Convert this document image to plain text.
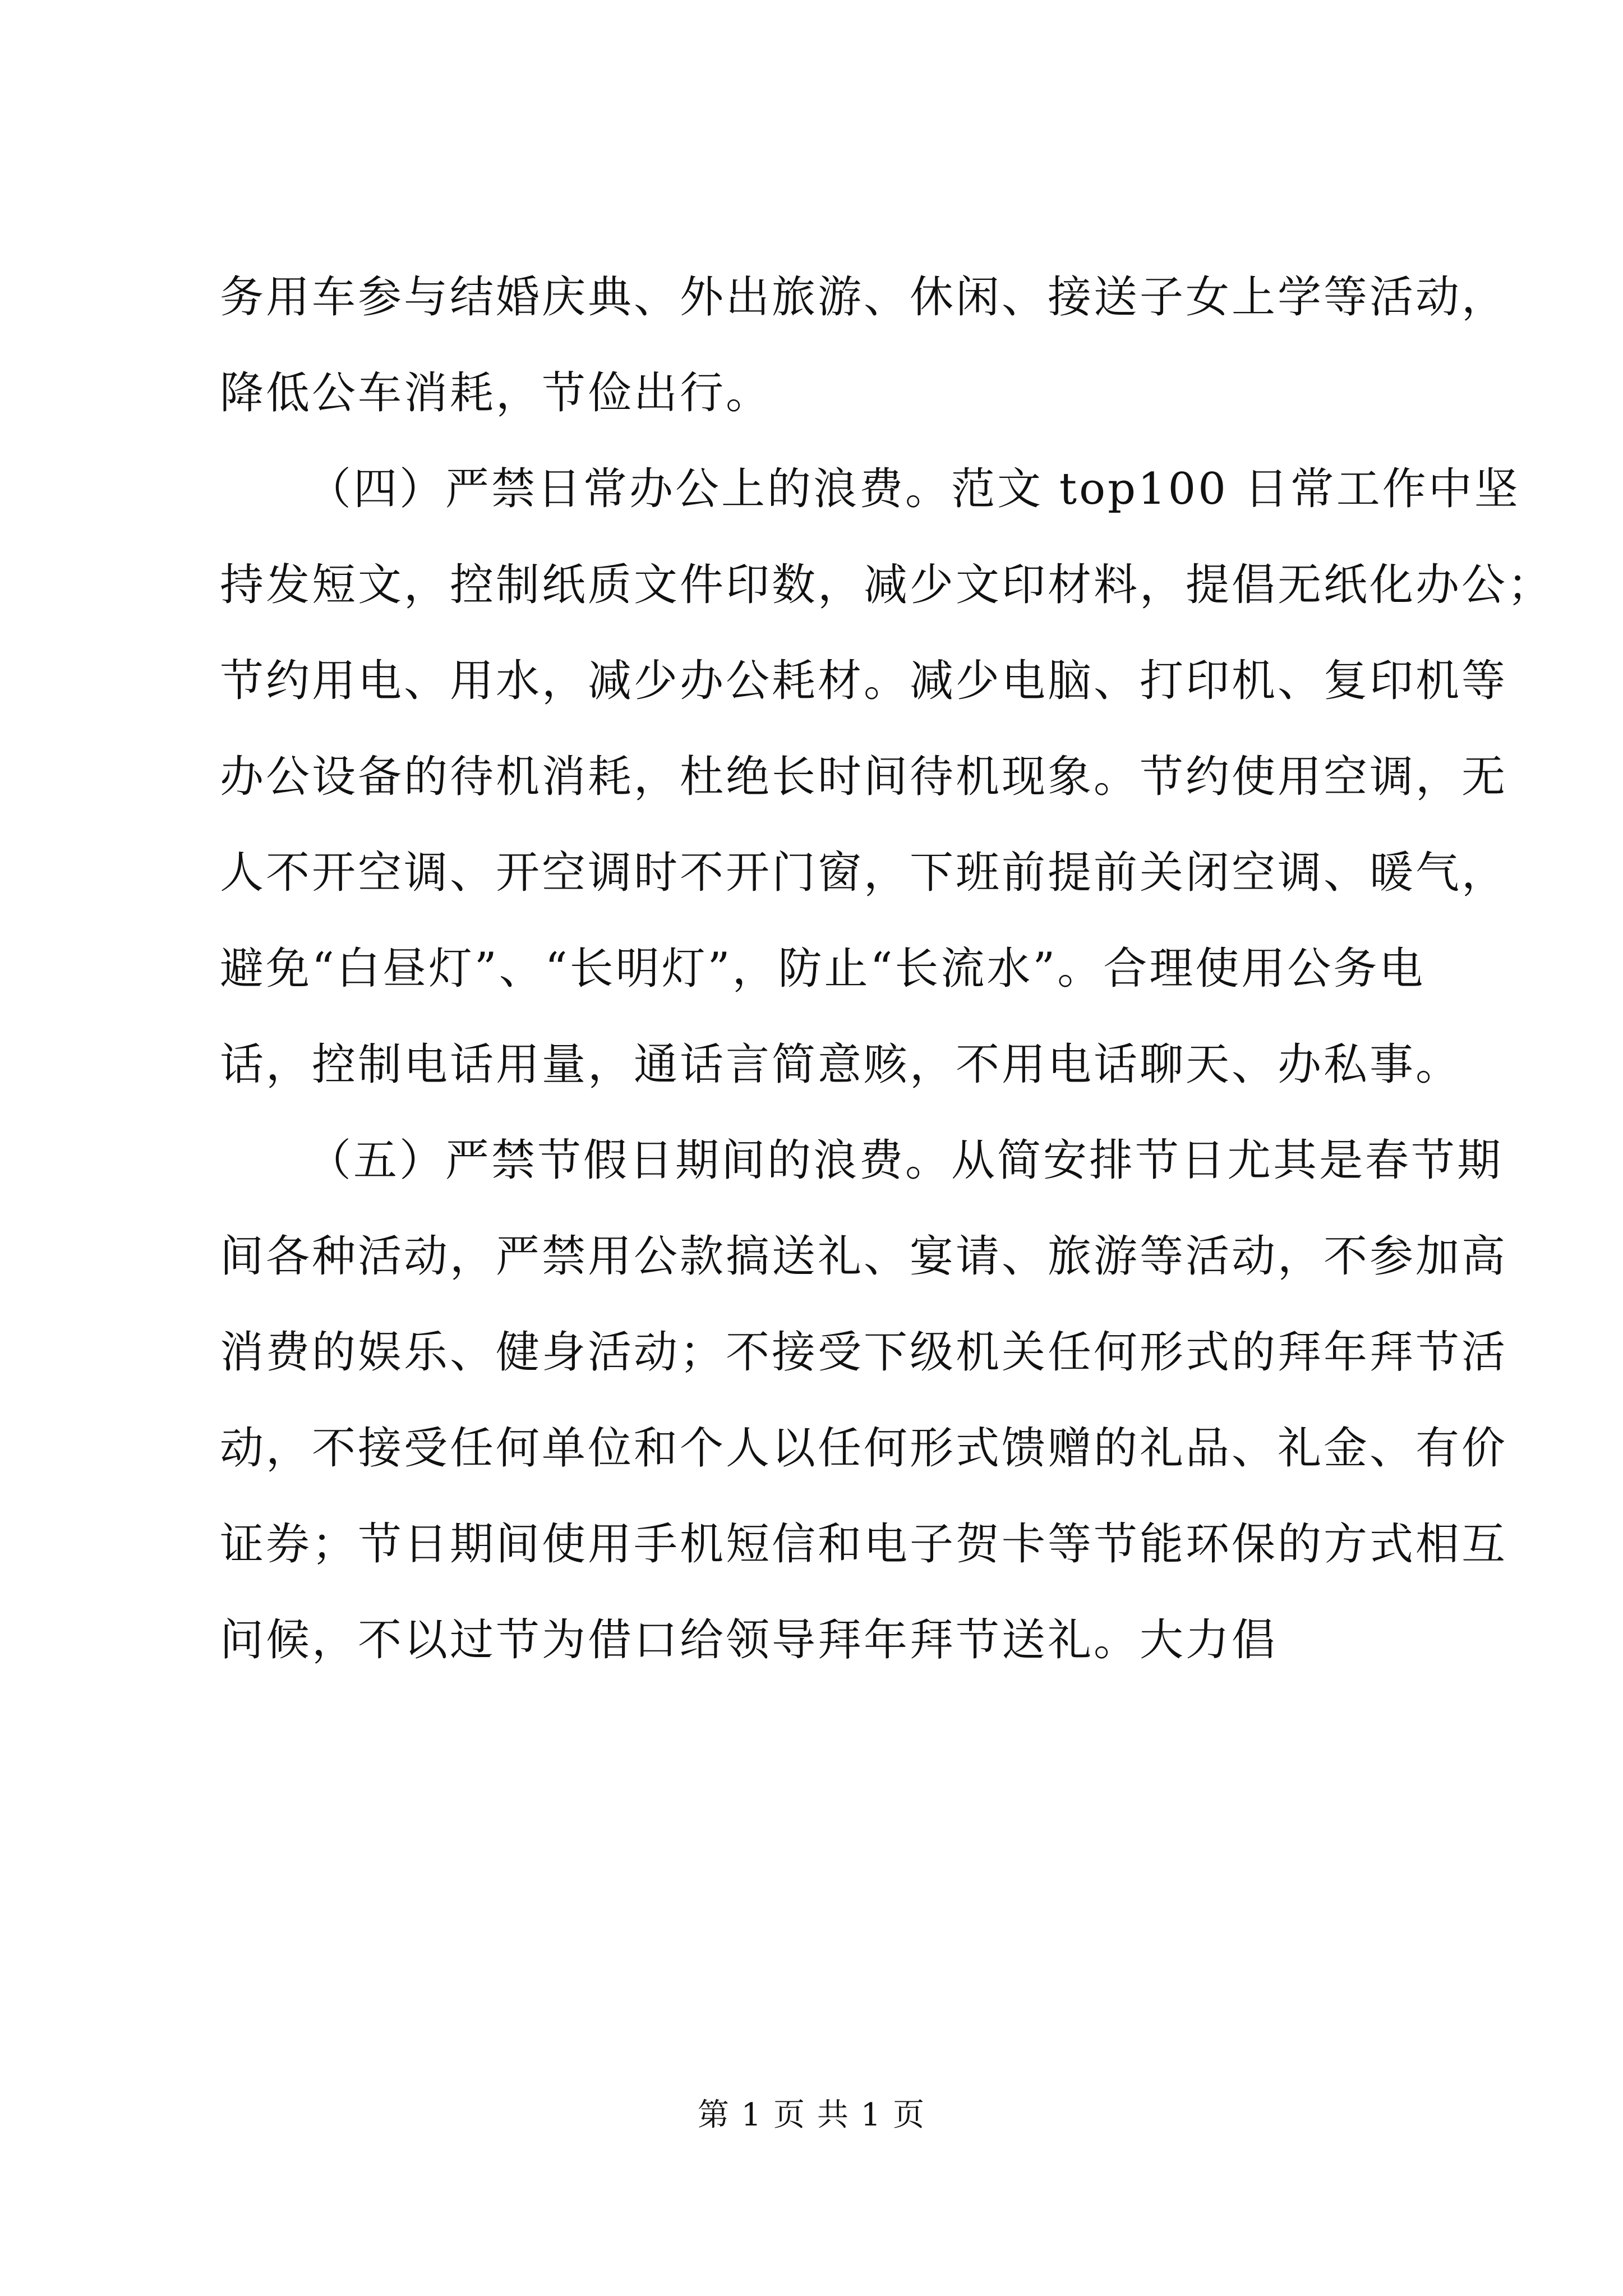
务用车参与结婚庆典、外出旅游、休闲、接送子女上学等活动，
降低公车消耗，节俭出行。
（四）严禁日常办公上的浪费。范文 top100 日常工作中坚
持发短文，控制纸质文件印数，减少文印材料，提倡无纸化办公；
节约用电、用水，减少办公耗材。减少电脑、打印机、复印机等
办公设备的待机消耗，杜绝长时间待机现象。节约使用空调，无
人不开空调、开空调时不开门窗，下班前提前关闭空调、暖气，
避免“白昼灯”、“长明灯”，防止“长流水”。合理使用公务电
话，控制电话用量，通话言简意赅，不用电话聊天、办私事。
（五）严禁节假日期间的浪费。从简安排节日尤其是春节期
间各种活动，严禁用公款搞送礼、宴请、旅游等活动，不参加高
消费的娱乐、健身活动；不接受下级机关任何形式的拜年拜节活
动，不接受任何单位和个人以任何形式馈赠的礼品、礼金、有价
证券；节日期间使用手机短信和电子贺卡等节能环保的方式相互
问候，不以过节为借口给领导拜年拜节送礼。大力倡
第 1 页 共 1 页
